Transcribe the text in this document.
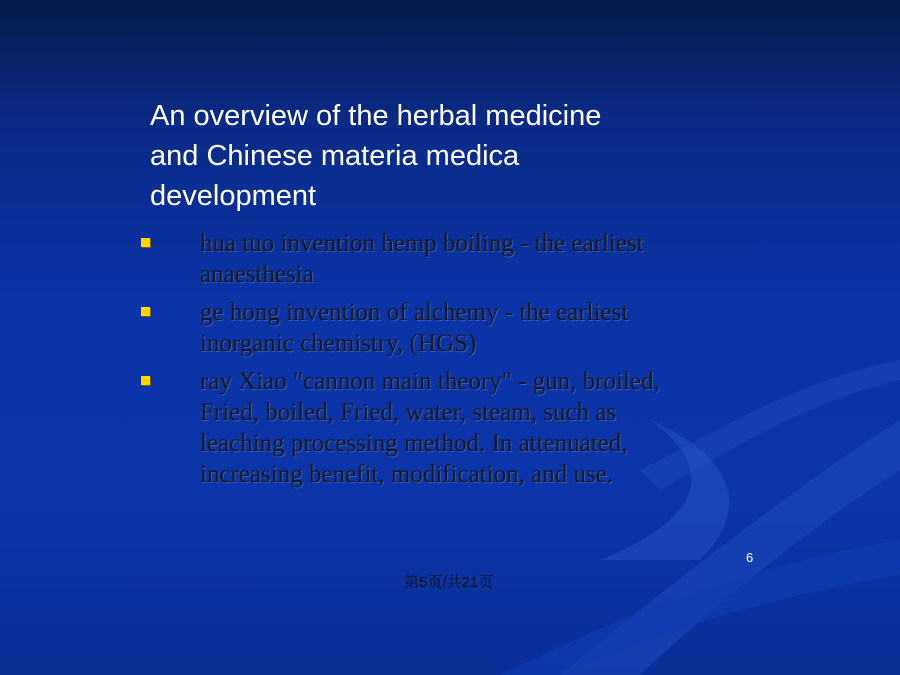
An overview of the herbal medicine
and Chinese materia medica
development
hua tuo invention hemp boiling - the earliest
anaesthesia
ge hong invention of alchemy - the earliest
inorganic chemistry, (HGS)
ray Xiao "cannon main theory" - gun, broiled,
Fried, boiled, Fried, water, steam, such as
leaching processing method. In attenuated,
increasing benefit, modification, and use.
6
第5页/共21页
